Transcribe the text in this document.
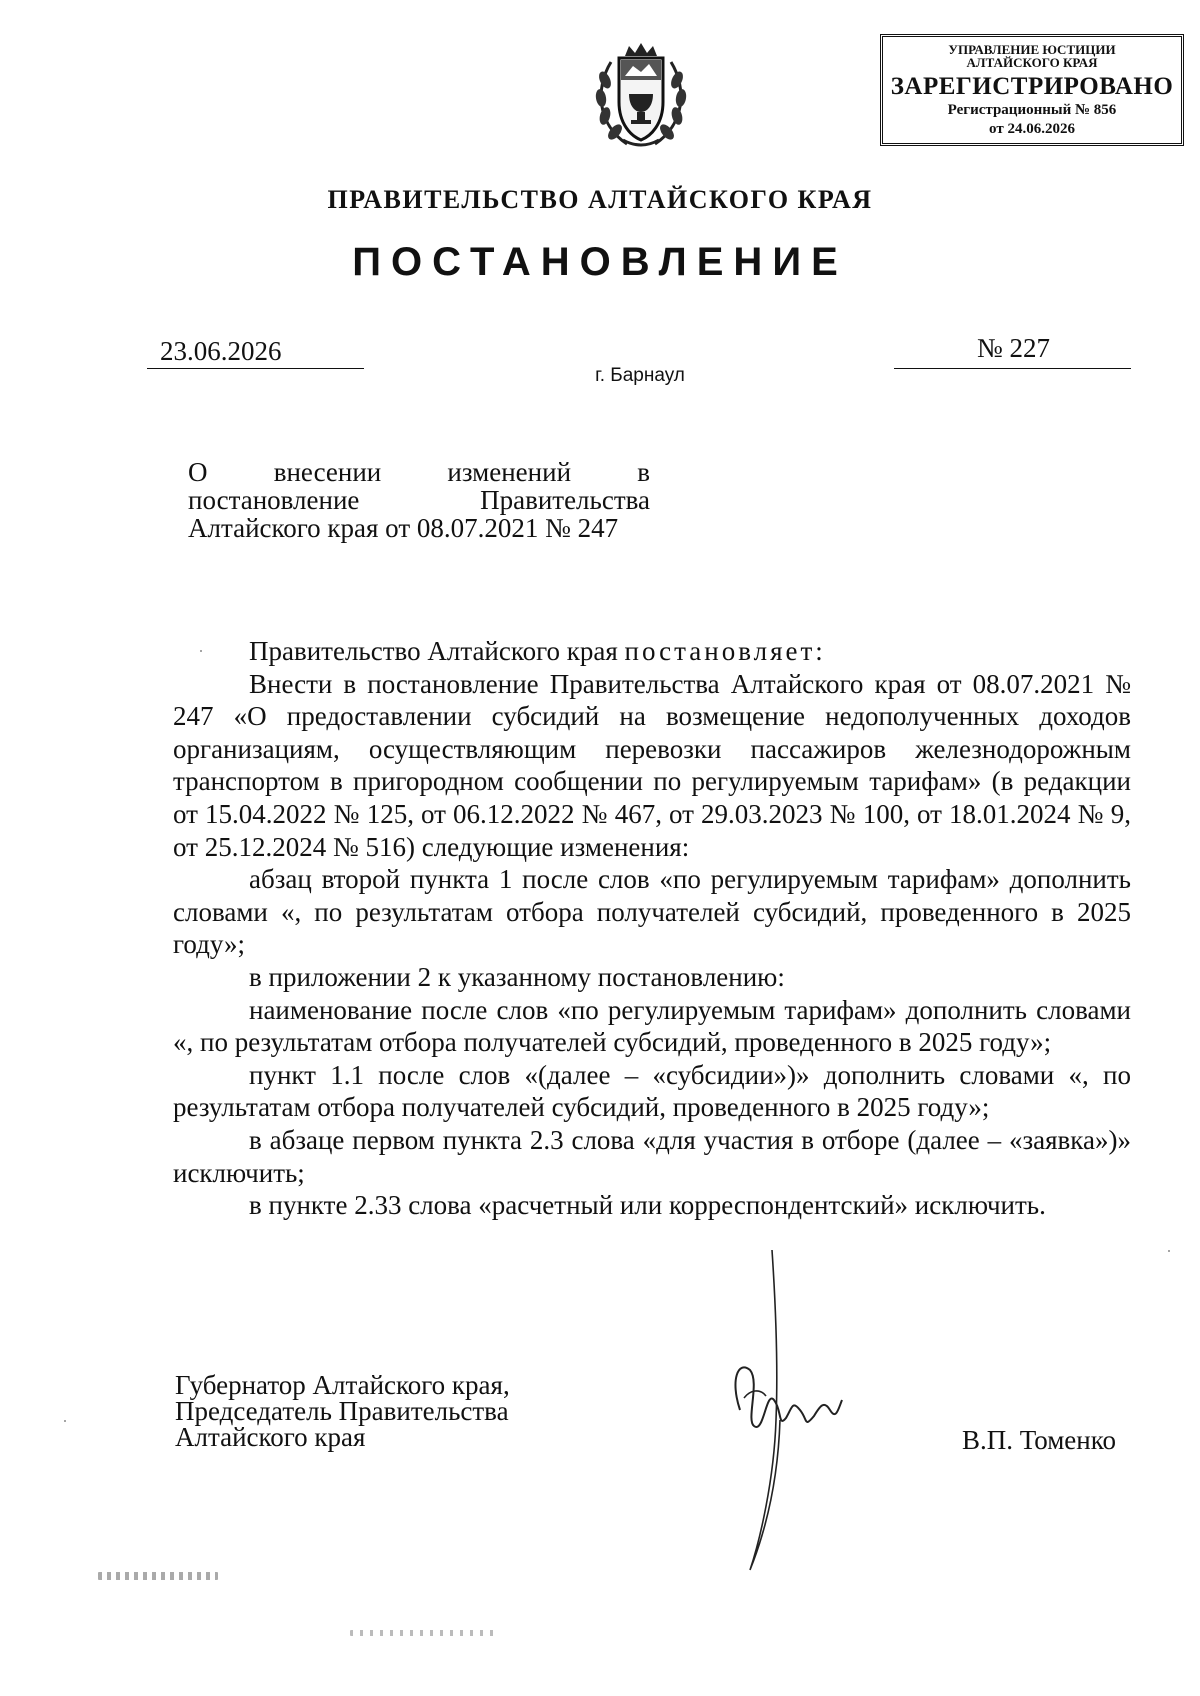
УПРАВЛЕНИЕ ЮСТИЦИИ
АЛТАЙСКОГО КРАЯ
ЗАРЕГИСТРИРОВАНО
Регистрационный № 856
от 24.06.2026
ПРАВИТЕЛЬСТВО АЛТАЙСКОГО КРАЯ
ПОСТАНОВЛЕНИЕ
23.06.2026	№ 227
г. Барнаул
О внесении изменений в
постановление Правительства
Алтайского края от 08.07.2021 № 247

Правительство Алтайского края постановляет:

Внести в постановление Правительства Алтайского края от 08.07.2021 № 247 «О предоставлении субсидий на возмещение недополученных доходов организациям, осуществляющим перевозки пассажиров железнодорожным транспортом в пригородном сообщении по регулируемым тарифам» (в редакции от 15.04.2022 № 125, от 06.12.2022 № 467, от 29.03.2023 № 100, от 18.01.2024 № 9, от 25.12.2024 № 516) следующие изменения:

абзац второй пункта 1 после слов «по регулируемым тарифам» дополнить словами «, по результатам отбора получателей субсидий, проведенного в 2025 году»;

в приложении 2 к указанному постановлению:

наименование после слов «по регулируемым тарифам» дополнить словами «, по результатам отбора получателей субсидий, проведенного в 2025 году»;

пункт 1.1 после слов «(далее – «субсидии»)» дополнить словами «, по результатам отбора получателей субсидий, проведенного в 2025 году»;

в абзаце первом пункта 2.3 слова «для участия в отборе (далее – «заявка»)» исключить;

в пункте 2.33 слова «расчетный или корреспондентский» исключить.

Губернатор Алтайского края,
Председатель Правительства
Алтайского края	В.П. Томенко
